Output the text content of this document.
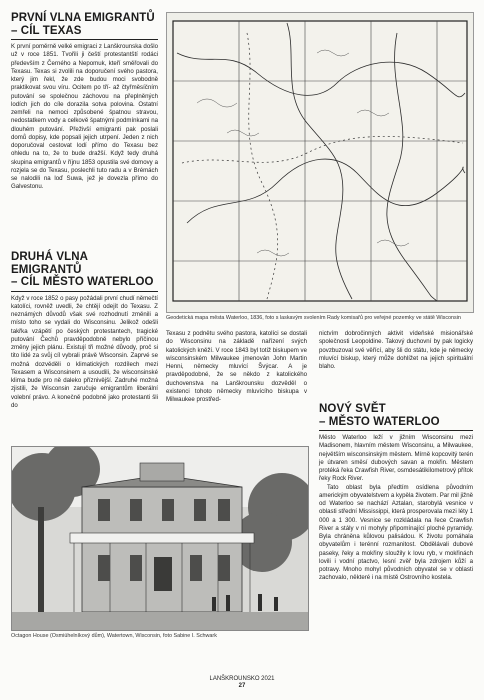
PRVNÍ VLNA EMIGRANTŮ

– CÍL TEXAS

K první poměrně velké emigraci z Lanškrounska došlo už v roce 1851. Tvořili ji čeští protestantští rodáci především z Černého a Nepomuk, kteří směřovali do Texasu. Texas si zvolili na doporučení svého pastora, který jim řekl, že zde budou moci svobodně praktikovat svou víru. Ocitem po tří- až čtyřměsíčním putování se společnou záchovou na přeplněných lodích jich do cíle dorazila sotva polovina. Ostatní zemřeli na nemoci způsobené špatnou stravou, nedostatkem vody a celkově špatnými podmínkami na dlouhém putování. Přeživší emigranti pak poslali domů dopisy, kde popsali jejich utrpení. Jeden z nich doporučoval cestovat lodí přímo do Texasu bez ohledu na to, že to bude dražší. Když tedy druhá skupina emigrantů v říjnu 1853 opustila své domovy a rozjela se do Texasu, poslechli tuto radu a v Brémách se nalodili na loď Suwa, jež je dovezla přímo do Galvestonu.

DRUHÁ VLNA EMIGRANTŮ

– CÍL MĚSTO WATERLOO

Když v roce 1852 o pasy požádali první chudí němečtí katolíci, rovněž uvedli, že chtějí odejít do Texasu. Z neznámých důvodů však své rozhodnutí změnili a místo toho se vydali do Wisconsinu. Jelikož odešli takřka vzápětí po českých protestantech, tragické putování Čechů pravděpodobně nebylo příčinou změny jejich plánu. Existují tři možné důvody, proč si tito lidé za svůj cíl vybrali právě Wisconsin. Zaprvé se možná dozvěděli o klimatických rozdílech mezi Texasem a Wisconsinem a usoudili, že wisconsinské klima bude pro ně daleko příznivější. Zadruhé možná zjistili, že Wisconsin zaručuje emigrantům liberální volební právo. A konečně podobně jako protestanti šli do

Geodetická mapa města Waterloo, 1836, foto s laskavým svolením Rady komisařů pro veřejné pozemky ve státě Wisconsin

Texasu z podnětu svého pastora, katolíci se dostali do Wisconsinu na základě nařízení svých katolických kněží. V roce 1843 byl totiž biskupem ve wisconsinském Milwaukee jmenován John Martin Henni, německy mluvící Švýcar. A je pravděpodobné, že se někdo z katolického duchovenstva na Lanškrounsku dozvěděl o existenci tohoto německy mluvícího biskupa v Milwaukee prostřed-

nictvím dobročinných aktivit vídeňské misionářské společnosti Leopoldine. Takový duchovní by pak logicky povzbuzoval své věřící, aby šli do státu, kde je německy mluvící biskup, který může dohlížet na jejich spirituální blaho.

NOVÝ SVĚT

– MĚSTO WATERLOO

Město Waterloo leží v jižním Wisconsinu mezi Madisonem, hlavním městem Wisconsinu, a Milwaukee, největším wisconsinským městem. Mírně kopcovitý terén je útvaren směsí dubových savan a mokřin. Městem protéká řeka Crawfish River, osmdesátikilometrový přítok řeky Rock River.

Tato oblast byla předtím osídlena původním americkým obyvatelstvem a kypěla životem. Par mil jižně od Waterloo se nachází Aztalan, starobylá vesnice v oblasti střední Mississippi, která prosperovala mezi léty 1 000 a 1 300. Vesnice se rozkládala na řece Crawfish River a stály v ní mohyly připomínající ploché pyramidy. Byla chráněna kůlovou palisádou. K životu pomáhala obyvatelům i terénní rozmanitost. Obdělávali dubové paseky, řeky a mokřiny sloužily k lovu ryb, v mokřinách lovili i vodní ptactvo, lesní zvěř byla zdrojem kůží a potravy. Mnoho mohyl původních obyvatel se v oblasti zachovalo, některé i na místě Ostrovního kostela.

Octagon House (Osmiúhelníkový dům), Watertown, Wisconsin, foto Sabine I. Schwark

LANŠKROUNSKO 2021
27
